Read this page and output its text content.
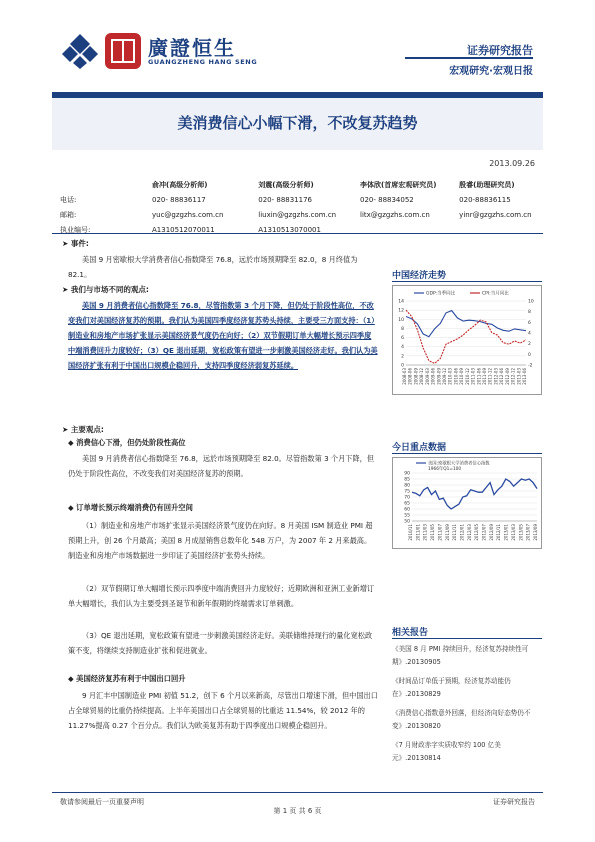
廣證恒生
GUANGZHENG HANG SENG
证券研究报告
宏观研究·宏观日报
美消费信心小幅下滑，不改复苏趋势
2013.09.26
	俞冲(高级分析师)	刘震(高级分析师)	李体欣(首席宏观研究员)	殷睿(助理研究员)
电话:	020- 88836117	020- 88831176	020- 88834052	020-88836115
邮箱:	yuc@gzgzhs.com.cn	liuxin@gzgzhs.com.cn	litx@gzgzhs.com.cn	yinr@gzgzhs.com.cn
执业编号:	A1310512070011	A1310513070001		
➤ 事件:
美国 9 月密歇根大学消费者信心指数降至 76.8，远於市场预期降至 82.0，8 月终值为 82.1。
➤ 我们与市场不同的观点:
美国 9 月消费者信心指数降至 76.8，尽管指数第 3 个月下降，但仍处于阶段性高位，不改变我们对美国经济复苏的预期。我们认为美国四季度经济复苏势头持续，主要受三方面支持：（1）制造业和房地产市场扩张显示美国经济景气度仍在向好；（2）双节假期订单大幅增长预示四季度中端消费回升力度较好；（3）QE 退出延期，宽松政策有望进一步刺激美国经济走好。我们认为美国经济扩张有利于中国出口规模企稳回升，支持四季度经济弱复苏延续。
➤ 主要观点:
◆ 消费信心下滑，但仍处阶段性高位
美国 9 月消费者信心指数降至 76.8，远於市场预期降至 82.0。尽管指数第 3 个月下降，但仍处于阶段性高位，不改变我们对美国经济复苏的预期。
◆ 订单增长预示终端消费仍有回升空间
（1）制造业和房地产市场扩张显示美国经济景气度仍在向好。8 月美国 ISM 制造业 PMI 超预期上升，创 26 个月最高；美国 8 月成屋销售总数年化 548 万户，为 2007 年 2 月来最高。制造业和房地产市场数据进一步印证了美国经济扩张势头持续。
（2）双节假期订单大幅增长预示四季度中端消费回升力度较好；近期欧洲和亚洲工业新增订单大幅增长，我们认为主要受到圣诞节和新年假期的终端需求订单刺激。
（3）QE 退出延期，宽松政策有望进一步刺激美国经济走好。美联储维持现行的量化宽松政策不变，将继续支持制造业扩张和促进就业。
◆ 美国经济复苏有利于中国出口回升
9 月汇丰中国制造业 PMI 初值 51.2，创下 6 个月以来新高，尽管出口增速下滑，但中国出口占全球贸易的比重仍持续提高。上半年美国出口占全球贸易的比重达 11.54%，较 2012 年的 11.27%提高 0.27 个百分点。我们认为欧美复苏有助于四季度出口规模企稳回升。
中国经济走势
0
2
4
6
8
10
12
14
-2
0
2
4
6
8
10
2008-03 2008-06 2008-09 2008-12 2009-03 2009-06 2009-09 2009-12 2010-03 2010-06 2010-09 2010-12 2011-03 2011-06 2011-09 2011-12 2012-03 2012-06 2012-09 2012-12 2013-03 2013-06
GDP:当季同比	CPI:当月同比
今日重点数据
50
55
60
65
70
75
80
85
90
2010/11 2011/01 2011/03 2011/05 2011/07 2011/09 2011/11 2012/01 2012/03 2012/05 2012/07 2012/09 2012/11 2013/01 2013/03 2013/05 2013/07 2013/09
美国:密歇根大学消费者信心指数
1966年Q1=100
相关报告
《美国 8 月 PMI 持续回升，经济复苏持续性可期》.20130905
《时间品订单低于预期，经济复苏动能仍在》.20130829
《消费信心指数意外回落，但经济向好态势仍不变》.20130820
《7 月财政赤字实质收窄约 100 亿美元》.20130814
敬请参阅最后一页重要声明
第 1 页 共 6 页
证券研究报告
